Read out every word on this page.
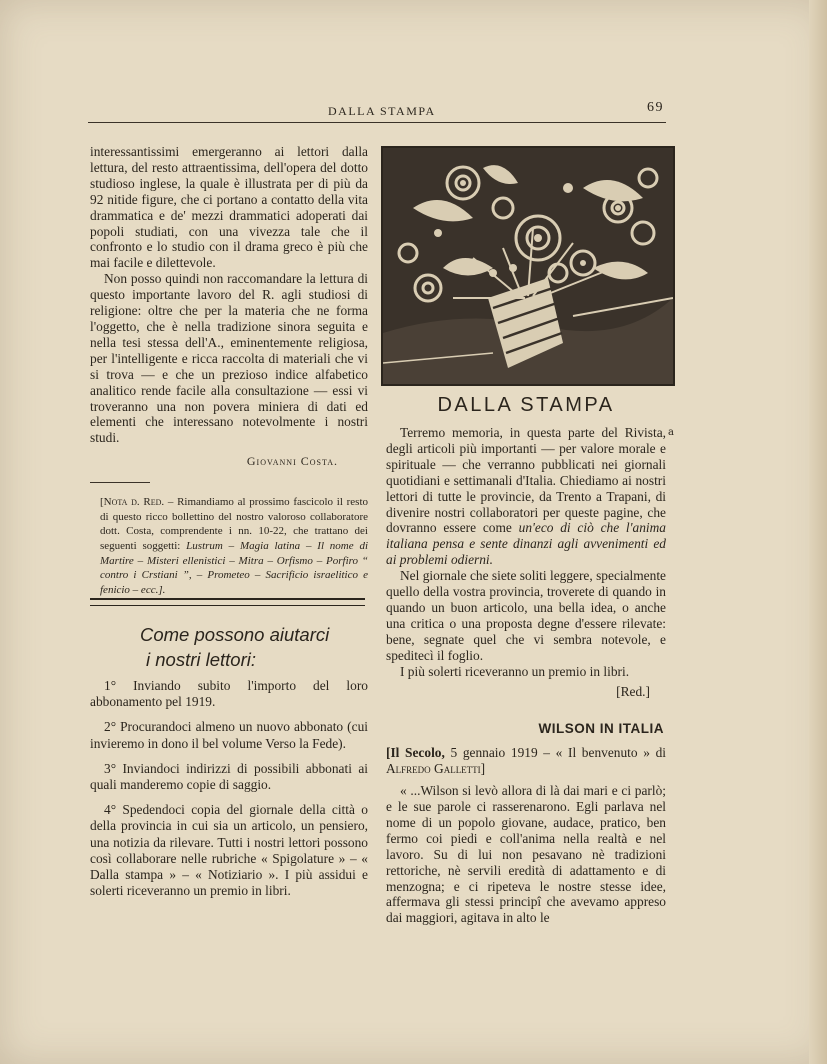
DALLA STAMPA	69

interessantissimi emergeranno ai lettori dalla lettura, del resto attraentissima, dell'opera del dotto studioso inglese, la quale è illustrata per di più da 92 nitide figure, che ci portano a contatto della vita drammatica e de' mezzi drammatici adoperati dai popoli studiati, con una vivezza tale che il confronto e lo studio con il drama greco è più che mai facile e dilettevole.

Non posso quindi non raccomandare la lettura di questo importante lavoro del R. agli studiosi di religione: oltre che per la materia che ne forma l'oggetto, che è nella tradizione sinora seguita e nella tesi stessa dell'A., eminentemente religiosa, per l'intelligente e ricca raccolta di materiali che vi si trova — e che un prezioso indice alfabetico analitico rende facile alla consultazione — essi vi troveranno una non povera miniera di dati ed elementi che interessano notevolmente i nostri studi.

Giovanni Costa.

[Nota d. Red. – Rimandiamo al prossimo fascicolo il resto di questo ricco bollettino del nostro valoroso collaboratore dott. Costa, comprendente i nn. 10-22, che trattano dei seguenti soggetti: Lustrum – Magia latina – Il nome di Martire – Misteri ellenistici – Mitra – Orfismo – Porfiro “ contro i Crstiani ”, – Prometeo – Sacrificio israelitico e fenicio – ecc.].

Come possono aiutarci
i nostri lettori:

1° Inviando subito l'importo del loro abbonamento pel 1919.

2° Procurandoci almeno un nuovo abbonato (cui invieremo in dono il bel volume Verso la Fede).

3° Inviandoci indirizzi di possibili abbonati ai quali manderemo copie di saggio.

4° Spedendoci copia del giornale della città o della provincia in cui sia un articolo, un pensiero, una notizia da rilevare. Tutti i nostri lettori possono così collaborare nelle rubriche « Spigolature » – « Dalla stampa » – « Notiziario ». I più assidui e solerti riceveranno un premio in libri.

DALLA STAMPA
a

Terremo memoria, in questa parte del Rivista, degli articoli più importanti — per valore morale e spirituale — che verranno pubblicati nei giornali quotidiani e settimanali d'Italia. Chiediamo ai nostri lettori di tutte le provincie, da Trento a Trapani, di divenire nostri collaboratori per queste pagine, che dovranno essere come un'eco di ciò che l'anima italiana pensa e sente dinanzi agli avvenimenti ed ai problemi odierni.

Nel giornale che siete soliti leggere, specialmente quello della vostra provincia, troverete di quando in quando un buon articolo, una bella idea, o anche una critica o una proposta degne d'essere rilevate: bene, segnate quel che vi sembra notevole, e speditecì il foglio.

I più solerti riceveranno un premio in libri.

[Red.]

WILSON IN ITALIA

[Il Secolo, 5 gennaio 1919 – « Il benvenuto » di Alfredo Galletti]

« ...Wilson si levò allora di là dai mari e ci parlò; e le sue parole ci rasserenarono. Egli parlava nel nome di un popolo giovane, audace, pratico, ben fermo coi piedi e coll'anima nella realtà e nel lavoro. Su di lui non pesavano nè tradizioni rettoriche, nè servili eredità di adattamento e di menzogna; e ci ripeteva le nostre stesse idee, affermava gli stessi principî che avevamo appreso dai maggiori, agitava in alto le
